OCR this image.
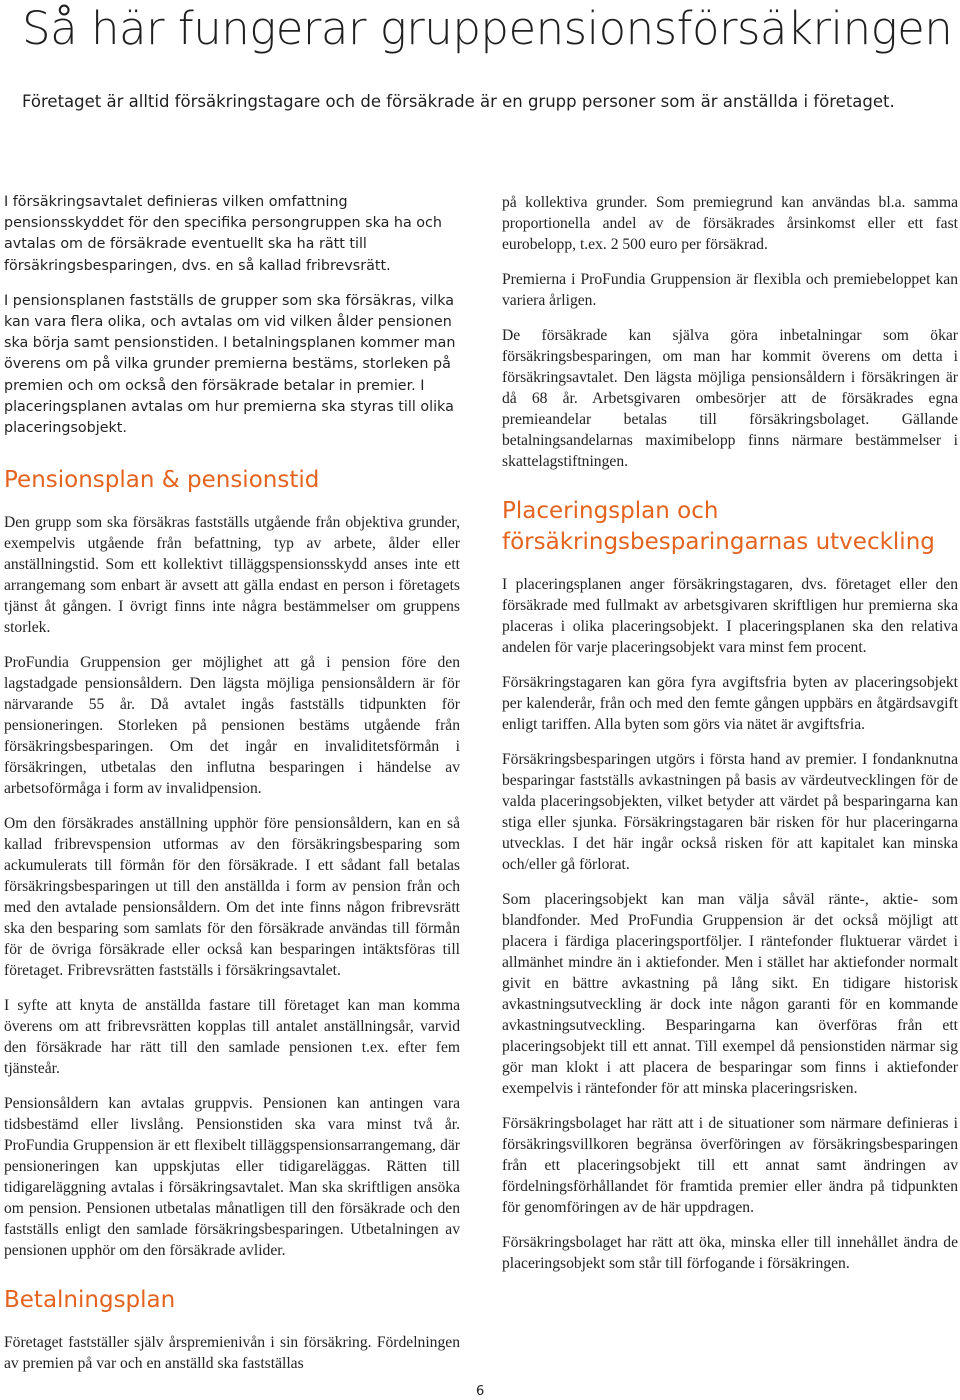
Så här fungerar gruppensionsförsäkringen

Företaget är alltid försäkringstagare och de försäkrade är en grupp personer som är anställda i företaget.

I försäkringsavtalet definieras vilken omfattning pensionsskyddet för den specifika persongruppen ska ha och avtalas om de försäkrade eventuellt ska ha rätt till försäkringsbesparingen, dvs. en så kallad fribrevsrätt.

I pensionsplanen fastställs de grupper som ska försäkras, vilka kan vara flera olika, och avtalas om vid vilken ålder pensionen ska börja samt pensionstiden. I betalningsplanen kommer man överens om på vilka grunder premierna bestäms, storleken på premien och om också den försäkrade betalar in premier. I placeringsplanen avtalas om hur premierna ska styras till olika placeringsobjekt.

Pensionsplan & pensionstid

Den grupp som ska försäkras fastställs utgående från objektiva grunder, exempelvis utgående från befattning, typ av arbete, ålder eller anställningstid. Som ett kollektivt tilläggspensionsskydd anses inte ett arrangemang som enbart är avsett att gälla endast en person i företagets tjänst åt gången. I övrigt finns inte några bestämmelser om gruppens storlek.

ProFundia Gruppension ger möjlighet att gå i pension före den lagstadgade pensionsåldern. Den lägsta möjliga pensionsåldern är för närvarande 55 år. Då avtalet ingås fastställs tidpunkten för pensioneringen. Storleken på pensionen bestäms utgående från försäkringsbesparingen. Om det ingår en invaliditetsförmån i försäkringen, utbetalas den influtna besparingen i händelse av arbetsoförmåga i form av invalidpension.

Om den försäkrades anställning upphör före pensionsåldern, kan en så kallad fribrevspension utformas av den försäkringsbesparing som ackumulerats till förmån för den försäkrade. I ett sådant fall betalas försäkringsbesparingen ut till den anställda i form av pension från och med den avtalade pensionsåldern. Om det inte finns någon fribrevsrätt ska den besparing som samlats för den försäkrade användas till förmån för de övriga försäkrade eller också kan besparingen intäktsföras till företaget. Fribrevsrätten fastställs i försäkringsavtalet.

I syfte att knyta de anställda fastare till företaget kan man komma överens om att fribrevsrätten kopplas till antalet anställningsår, varvid den försäkrade har rätt till den samlade pensionen t.ex. efter fem tjänsteår.

Pensionsåldern kan avtalas gruppvis. Pensionen kan antingen vara tidsbestämd eller livslång. Pensionstiden ska vara minst två år. ProFundia Gruppension är ett flexibelt tilläggspensionsarrangemang, där pensioneringen kan uppskjutas eller tidigareläggas. Rätten till tidigareläggning avtalas i försäkringsavtalet. Man ska skriftligen ansöka om pension. Pensionen utbetalas månatligen till den försäkrade och den fastställs enligt den samlade försäkringsbesparingen. Utbetalningen av pensionen upphör om den försäkrade avlider.

Betalningsplan

Företaget fastställer själv årspremienivån i sin försäkring. Fördelningen av premien på var och en anställd ska fastställas

på kollektiva grunder. Som premiegrund kan användas bl.a. samma proportionella andel av de försäkrades årsinkomst eller ett fast eurobelopp, t.ex. 2 500 euro per försäkrad.

Premierna i ProFundia Gruppension är flexibla och premiebeloppet kan variera årligen.

De försäkrade kan själva göra inbetalningar som ökar försäkringsbesparingen, om man har kommit överens om detta i försäkringsavtalet. Den lägsta möjliga pensionsåldern i försäkringen är då 68 år. Arbetsgivaren ombesörjer att de försäkrades egna premieandelar betalas till försäkringsbolaget. Gällande betalningsandelarnas maximibelopp finns närmare bestämmelser i skattelagstiftningen.

Placeringsplan och försäkringsbesparingarnas utveckling

I placeringsplanen anger försäkringstagaren, dvs. företaget eller den försäkrade med fullmakt av arbetsgivaren skriftligen hur premierna ska placeras i olika placeringsobjekt. I placeringsplanen ska den relativa andelen för varje placeringsobjekt vara minst fem procent.

Försäkringstagaren kan göra fyra avgiftsfria byten av placeringsobjekt per kalenderår, från och med den femte gången uppbärs en åtgärdsavgift enligt tariffen. Alla byten som görs via nätet är avgiftsfria.

Försäkringsbesparingen utgörs i första hand av premier. I fondanknutna besparingar fastställs avkastningen på basis av värdeutvecklingen för de valda placeringsobjekten, vilket betyder att värdet på besparingarna kan stiga eller sjunka. Försäkringstagaren bär risken för hur placeringarna utvecklas. I det här ingår också risken för att kapitalet kan minska och/eller gå förlorat.

Som placeringsobjekt kan man välja såväl ränte-, aktie- som blandfonder. Med ProFundia Gruppension är det också möjligt att placera i färdiga placeringsportföljer. I räntefonder fluktuerar värdet i allmänhet mindre än i aktiefonder. Men i stället har aktiefonder normalt givit en bättre avkastning på lång sikt. En tidigare historisk avkastningsutveckling är dock inte någon garanti för en kommande avkastningsutveckling. Besparingarna kan överföras från ett placeringsobjekt till ett annat. Till exempel då pensionstiden närmar sig gör man klokt i att placera de besparingar som finns i aktiefonder exempelvis i räntefonder för att minska placeringsrisken.

Försäkringsbolaget har rätt att i de situationer som närmare definieras i försäkringsvillkoren begränsa överföringen av försäkringsbesparingen från ett placeringsobjekt till ett annat samt ändringen av fördelningsförhållandet för framtida premier eller ändra på tidpunkten för genomföringen av de här uppdragen.

Försäkringsbolaget har rätt att öka, minska eller till innehållet ändra de placeringsobjekt som står till förfogande i försäkringen.

6
